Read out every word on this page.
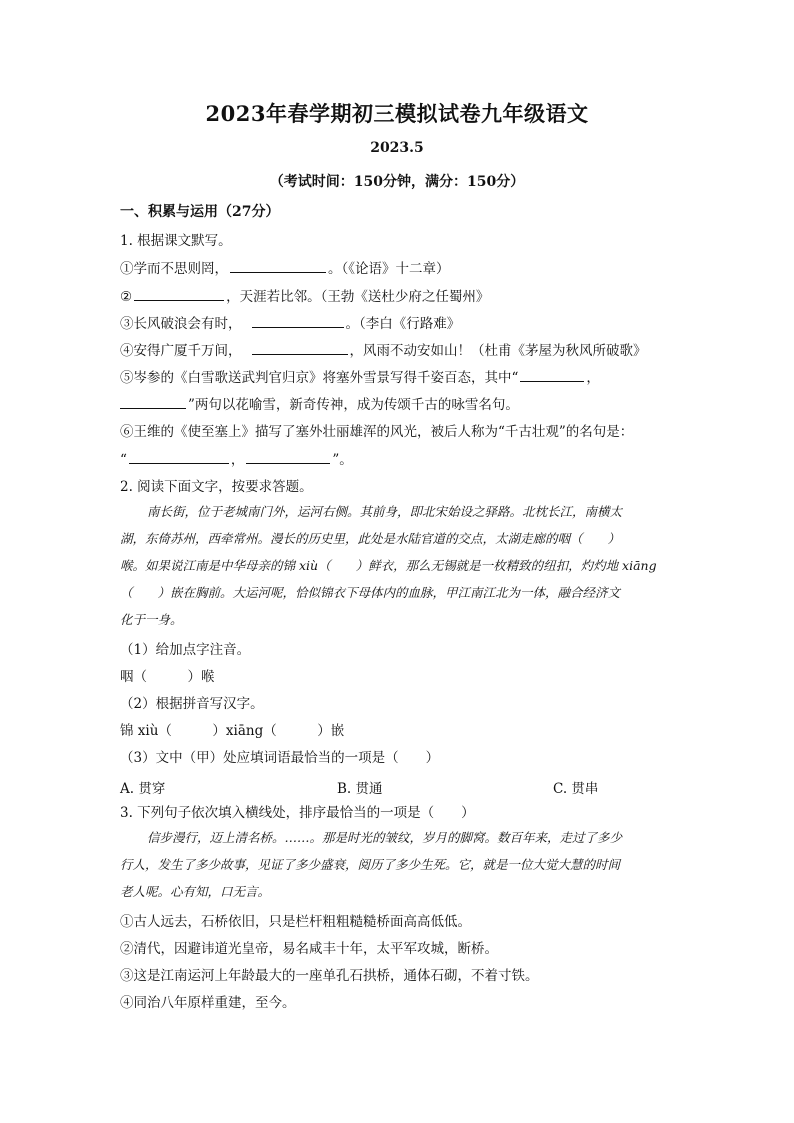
2023年春学期初三模拟试卷九年级语文
2023.5
（考试时间：150分钟，满分：150分）
一、积累与运用（27分）
1. 根据课文默写。
①学而不思则罔，	。（《论语》十二章）
②	，天涯若比邻。（王勃《送杜少府之任蜀州》
③长风破浪会有时，	。（李白《行路难》
④安得广厦千万间，	，风雨不动安如山！（杜甫《茅屋为秋风所破歌》
⑤岑参的《白雪歌送武判官归京》将塞外雪景写得千姿百态，其中“	，
”两句以花喻雪，新奇传神，成为传颂千古的咏雪名句。
⑥王维的《使至塞上》描写了塞外壮丽雄浑的风光，被后人称为“千古壮观”的名句是：
“	，	”。
2. 阅读下面文字，按要求答题。
南长街，位于老城南门外，运河右侧。其前身，即北宋始设之驿路。北枕长江，南横太
湖，东倚苏州，西牵常州。漫长的历史里，此处是水陆官道的交点，太湖走廊的咽（　　）
喉。如果说江南是中华母亲的锦 xiù（　　）鲜衣，那么无锡就是一枚精致的纽扣，灼灼地 xiāng
（　　）嵌在胸前。大运河呢，恰似锦衣下母体内的血脉，甲江南江北为一体，融合经济文
化于一身。
（1）给加点字注音。
咽（　　　）喉
（2）根据拼音写汉字。
锦 xiù（　　　）xiāng（　　　）嵌
（3）文中（甲）处应填词语最恰当的一项是（　　）
A. 贯穿	B. 贯通	C. 贯串
3. 下列句子依次填入横线处，排序最恰当的一项是（　　）
信步漫行，迈上清名桥。……。那是时光的皱纹，岁月的脚窝。数百年来，走过了多少
行人，发生了多少故事，见证了多少盛衰，阅历了多少生死。它，就是一位大觉大慧的时间
老人呢。心有知，口无言。
①古人远去，石桥依旧，只是栏杆粗粗糙糙桥面高高低低。
②清代，因避讳道光皇帝，易名咸丰十年，太平军攻城，断桥。
③这是江南运河上年龄最大的一座单孔石拱桥，通体石砌，不着寸铁。
④同治八年原样重建，至今。
